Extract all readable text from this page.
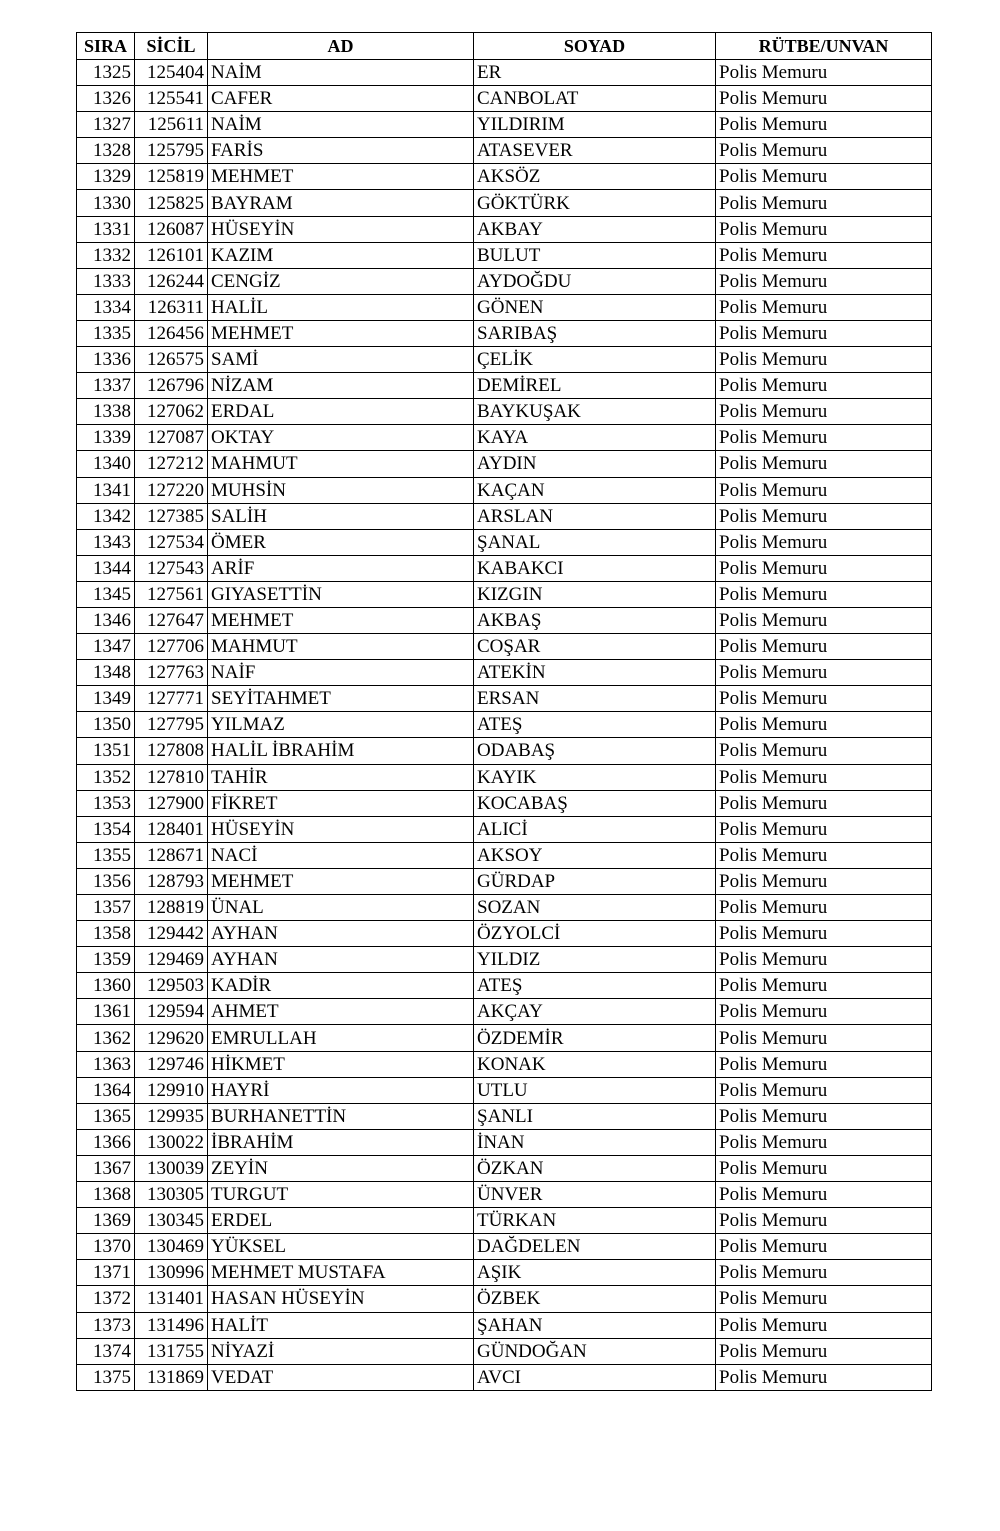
SIRA	SİCİL	AD	SOYAD	RÜTBE/UNVAN
1325	125404	NAİM	ER	Polis Memuru
1326	125541	CAFER	CANBOLAT	Polis Memuru
1327	125611	NAİM	YILDIRIM	Polis Memuru
1328	125795	FARİS	ATASEVER	Polis Memuru
1329	125819	MEHMET	AKSÖZ	Polis Memuru
1330	125825	BAYRAM	GÖKTÜRK	Polis Memuru
1331	126087	HÜSEYİN	AKBAY	Polis Memuru
1332	126101	KAZIM	BULUT	Polis Memuru
1333	126244	CENGİZ	AYDOĞDU	Polis Memuru
1334	126311	HALİL	GÖNEN	Polis Memuru
1335	126456	MEHMET	SARIBAŞ	Polis Memuru
1336	126575	SAMİ	ÇELİK	Polis Memuru
1337	126796	NİZAM	DEMİREL	Polis Memuru
1338	127062	ERDAL	BAYKUŞAK	Polis Memuru
1339	127087	OKTAY	KAYA	Polis Memuru
1340	127212	MAHMUT	AYDIN	Polis Memuru
1341	127220	MUHSİN	KAÇAN	Polis Memuru
1342	127385	SALİH	ARSLAN	Polis Memuru
1343	127534	ÖMER	ŞANAL	Polis Memuru
1344	127543	ARİF	KABAKCI	Polis Memuru
1345	127561	GIYASETTİN	KIZGIN	Polis Memuru
1346	127647	MEHMET	AKBAŞ	Polis Memuru
1347	127706	MAHMUT	COŞAR	Polis Memuru
1348	127763	NAİF	ATEKİN	Polis Memuru
1349	127771	SEYİTAHMET	ERSAN	Polis Memuru
1350	127795	YILMAZ	ATEŞ	Polis Memuru
1351	127808	HALİL İBRAHİM	ODABAŞ	Polis Memuru
1352	127810	TAHİR	KAYIK	Polis Memuru
1353	127900	FİKRET	KOCABAŞ	Polis Memuru
1354	128401	HÜSEYİN	ALICİ	Polis Memuru
1355	128671	NACİ	AKSOY	Polis Memuru
1356	128793	MEHMET	GÜRDAP	Polis Memuru
1357	128819	ÜNAL	SOZAN	Polis Memuru
1358	129442	AYHAN	ÖZYOLCİ	Polis Memuru
1359	129469	AYHAN	YILDIZ	Polis Memuru
1360	129503	KADİR	ATEŞ	Polis Memuru
1361	129594	AHMET	AKÇAY	Polis Memuru
1362	129620	EMRULLAH	ÖZDEMİR	Polis Memuru
1363	129746	HİKMET	KONAK	Polis Memuru
1364	129910	HAYRİ	UTLU	Polis Memuru
1365	129935	BURHANETTİN	ŞANLI	Polis Memuru
1366	130022	İBRAHİM	İNAN	Polis Memuru
1367	130039	ZEYİN	ÖZKAN	Polis Memuru
1368	130305	TURGUT	ÜNVER	Polis Memuru
1369	130345	ERDEL	TÜRKAN	Polis Memuru
1370	130469	YÜKSEL	DAĞDELEN	Polis Memuru
1371	130996	MEHMET MUSTAFA	AŞIK	Polis Memuru
1372	131401	HASAN HÜSEYİN	ÖZBEK	Polis Memuru
1373	131496	HALİT	ŞAHAN	Polis Memuru
1374	131755	NİYAZİ	GÜNDOĞAN	Polis Memuru
1375	131869	VEDAT	AVCI	Polis Memuru
